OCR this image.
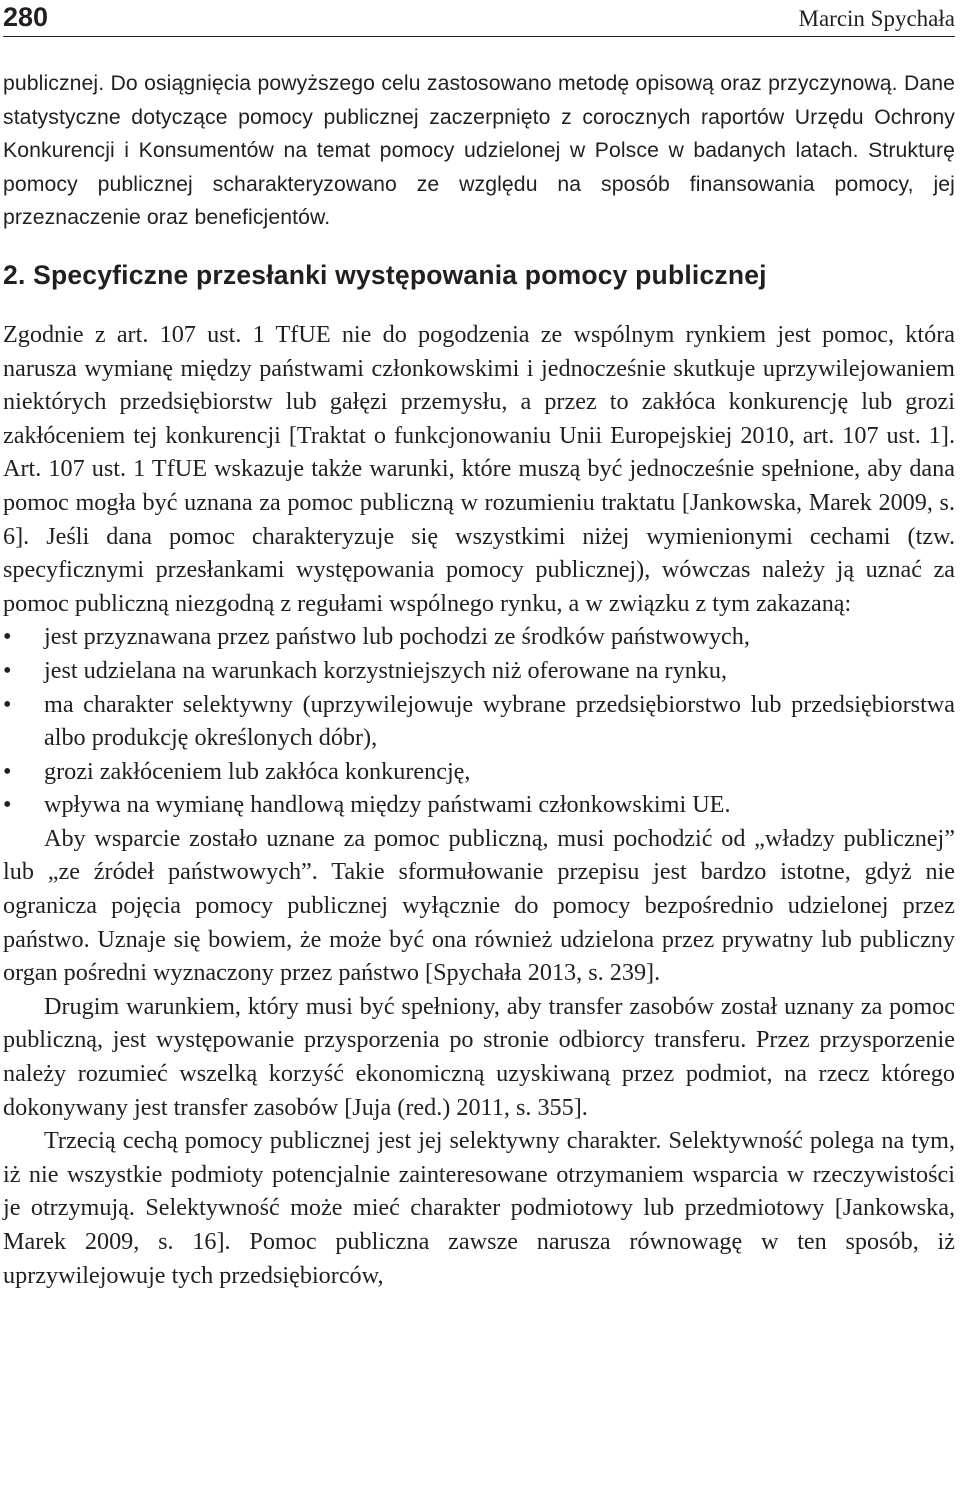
280	Marcin Spychała

publicznej. Do osiągnięcia powyższego celu zastosowano metodę opisową oraz przyczynową. Dane statystyczne dotyczące pomocy publicznej zaczerpnięto z corocznych raportów Urzędu Ochrony Konkurencji i Konsumentów na temat pomocy udzielonej w Polsce w badanych latach. Strukturę pomocy publicznej scharakteryzowano ze względu na sposób finansowania pomocy, jej przeznaczenie oraz beneficjentów.

2. Specyficzne przesłanki występowania pomocy publicznej

Zgodnie z art. 107 ust. 1 TfUE nie do pogodzenia ze wspólnym rynkiem jest pomoc, która narusza wymianę między państwami członkowskimi i jednocześnie skutkuje uprzywilejowaniem niektórych przedsiębiorstw lub gałęzi przemysłu, a przez to zakłóca konkurencję lub grozi zakłóceniem tej konkurencji [Traktat o funkcjonowaniu Unii Europejskiej 2010, art. 107 ust. 1]. Art. 107 ust. 1 TfUE wskazuje także warunki, które muszą być jednocześnie spełnione, aby dana pomoc mogła być uznana za pomoc publiczną w rozumieniu traktatu [Jankowska, Marek 2009, s. 6]. Jeśli dana pomoc charakteryzuje się wszystkimi niżej wymienionymi cechami (tzw. specyficznymi przesłankami występowania pomocy publicznej), wówczas należy ją uznać za pomoc publiczną niezgodną z regułami wspólnego rynku, a w związku z tym zakazaną:

• jest przyznawana przez państwo lub pochodzi ze środków państwowych,

• jest udzielana na warunkach korzystniejszych niż oferowane na rynku,

• ma charakter selektywny (uprzywilejowuje wybrane przedsiębiorstwo lub przedsiębiorstwa albo produkcję określonych dóbr),

• grozi zakłóceniem lub zakłóca konkurencję,

• wpływa na wymianę handlową między państwami członkowskimi UE.

Aby wsparcie zostało uznane za pomoc publiczną, musi pochodzić od „władzy publicznej” lub „ze źródeł państwowych”. Takie sformułowanie przepisu jest bardzo istotne, gdyż nie ogranicza pojęcia pomocy publicznej wyłącznie do pomocy bezpośrednio udzielonej przez państwo. Uznaje się bowiem, że może być ona również udzielona przez prywatny lub publiczny organ pośredni wyznaczony przez państwo [Spychała 2013, s. 239].

Drugim warunkiem, który musi być spełniony, aby transfer zasobów został uznany za pomoc publiczną, jest występowanie przysporzenia po stronie odbiorcy transferu. Przez przysporzenie należy rozumieć wszelką korzyść ekonomiczną uzyskiwaną przez podmiot, na rzecz którego dokonywany jest transfer zasobów [Juja (red.) 2011, s. 355].

Trzecią cechą pomocy publicznej jest jej selektywny charakter. Selektywność polega na tym, iż nie wszystkie podmioty potencjalnie zainteresowane otrzymaniem wsparcia w rzeczywistości je otrzymują. Selektywność może mieć charakter podmiotowy lub przedmiotowy [Jankowska, Marek 2009, s. 16]. Pomoc publiczna zawsze narusza równowagę w ten sposób, iż uprzywilejowuje tych przedsiębiorców,
